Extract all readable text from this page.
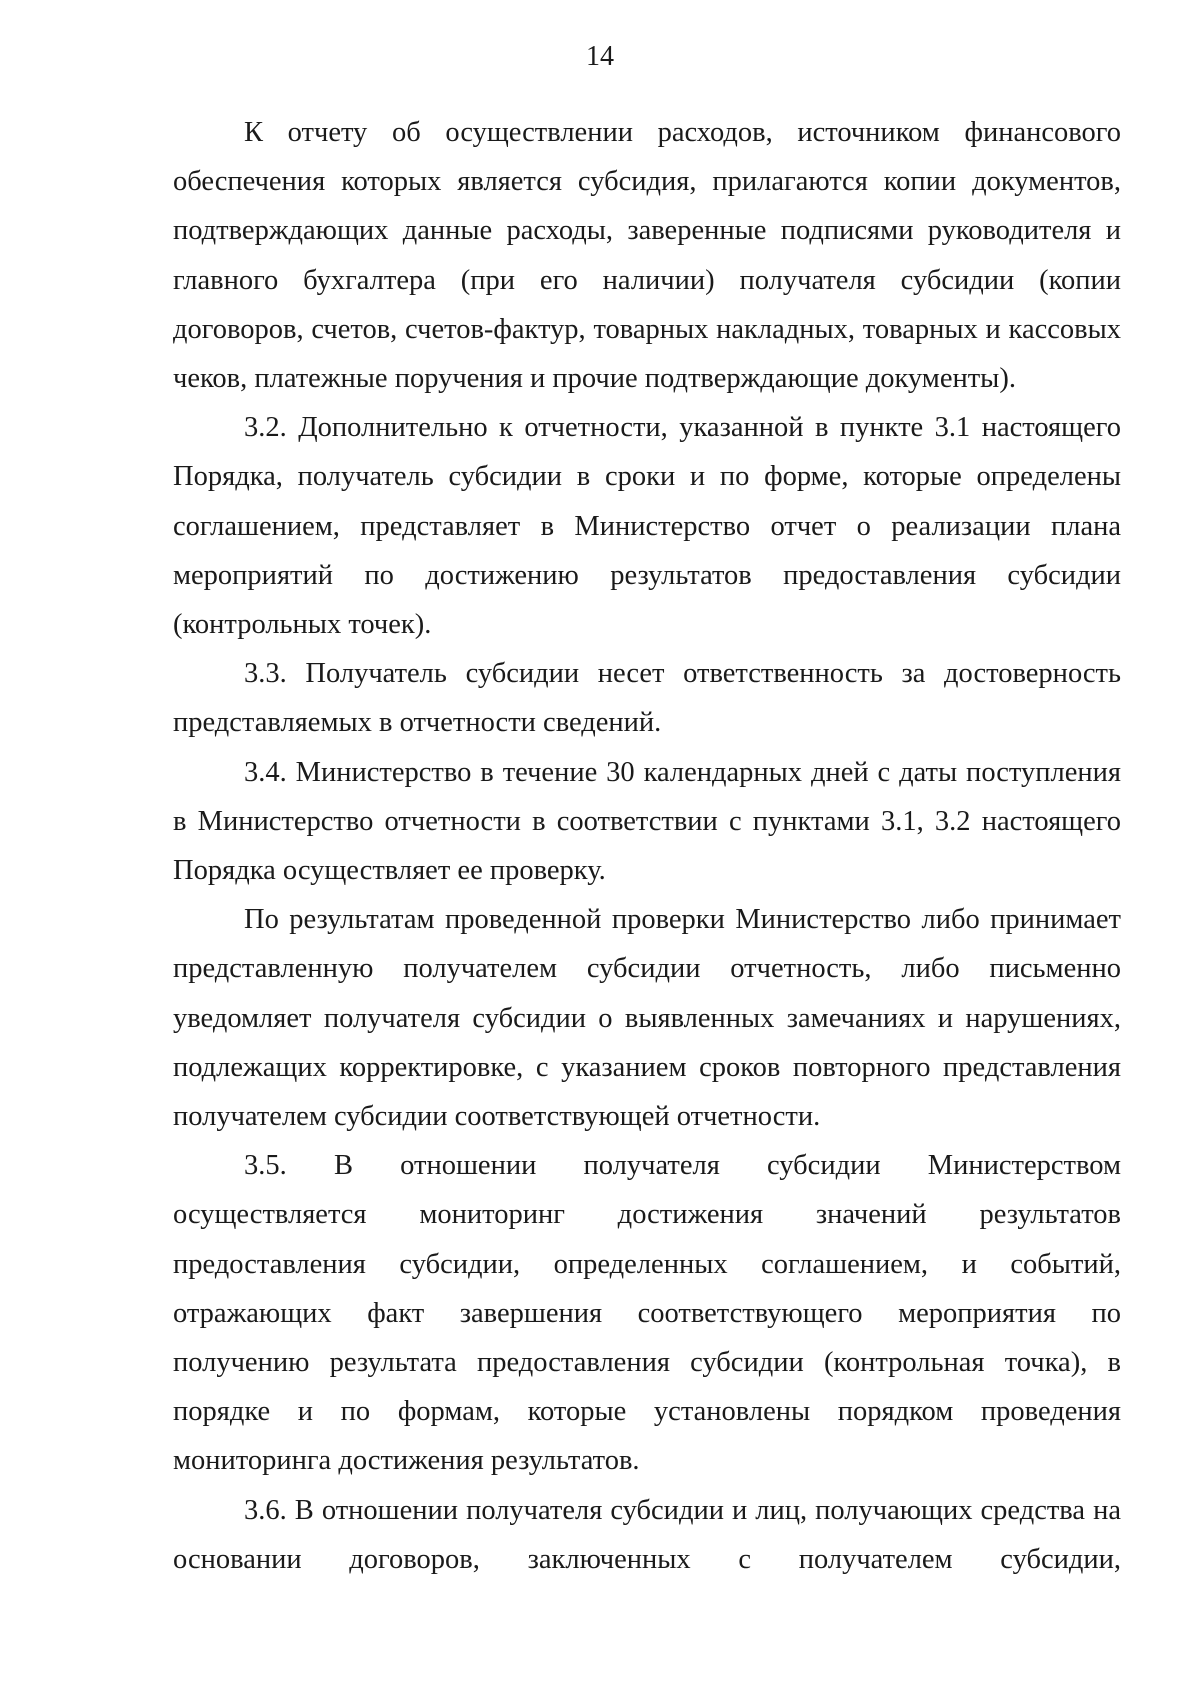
14

К отчету об осуществлении расходов, источником финансового обеспечения которых является субсидия, прилагаются копии документов, подтверждающих данные расходы, заверенные подписями руководителя и главного бухгалтера (при его наличии) получателя субсидии (копии договоров, счетов, счетов-фактур, товарных накладных, товарных и кассовых чеков, платежные поручения и прочие подтверждающие документы).

3.2. Дополнительно к отчетности, указанной в пункте 3.1 настоящего Порядка, получатель субсидии в сроки и по форме, которые определены соглашением, представляет в Министерство отчет о реализации плана мероприятий по достижению результатов предоставления субсидии (контрольных точек).

3.3. Получатель субсидии несет ответственность за достоверность представляемых в отчетности сведений.

3.4. Министерство в течение 30 календарных дней с даты поступления в Министерство отчетности в соответствии с пунктами 3.1, 3.2 настоящего Порядка осуществляет ее проверку.

По результатам проведенной проверки Министерство либо принимает представленную получателем субсидии отчетность, либо письменно уведомляет получателя субсидии о выявленных замечаниях и нарушениях, подлежащих корректировке, с указанием сроков повторного представления получателем субсидии соответствующей отчетности.

3.5. В отношении получателя субсидии Министерством осуществляется мониторинг достижения значений результатов предоставления субсидии, определенных соглашением, и событий, отражающих факт завершения соответствующего мероприятия по получению результата предоставления субсидии (контрольная точка), в порядке и по формам, которые установлены порядком проведения мониторинга достижения результатов.

3.6. В отношении получателя субсидии и лиц, получающих средства на основании договоров, заключенных с получателем субсидии,
